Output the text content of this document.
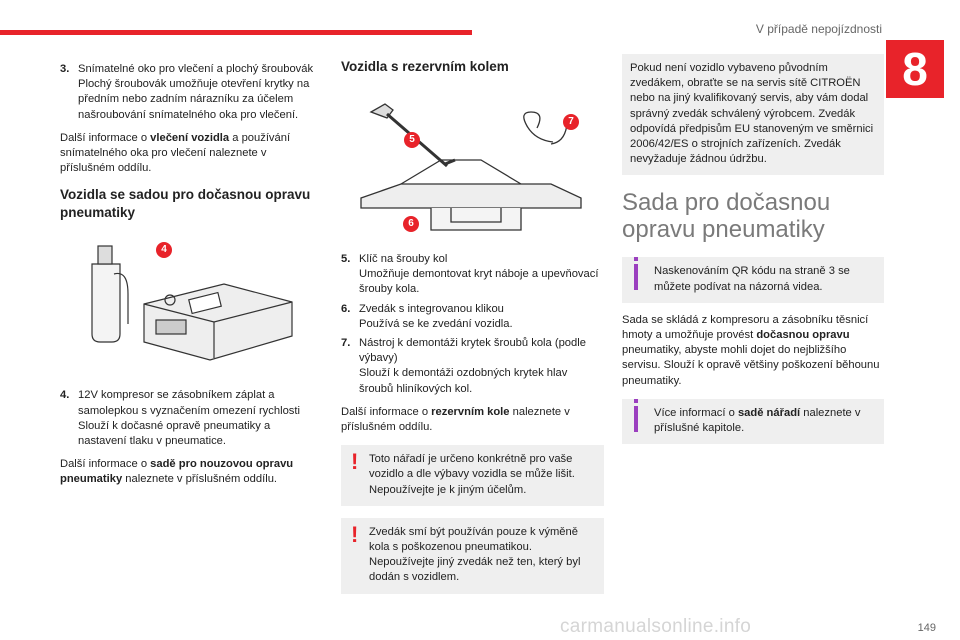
V případě nepojízdnosti
8
3. Snímatelné oko pro vlečení a plochý šroubovák
Plochý šroubovák umožňuje otevření krytky na předním nebo zadním nárazníku za účelem našroubování snímatelného oka pro vlečení.

Další informace o vlečení vozidla a používání snímatelného oka pro vlečení naleznete v příslušném oddílu.

Vozidla se sadou pro dočasnou opravu pneumatiky
4
4. 12V kompresor se zásobníkem záplat a samolepkou s vyznačením omezení rychlosti
Slouží k dočasné opravě pneumatiky a nastavení tlaku v pneumatice.

Další informace o sadě pro nouzovou opravu pneumatiky naleznete v příslušném oddílu.

Vozidla s rezervním kolem
5
6
7
5. Klíč na šrouby kol
Umožňuje demontovat kryt náboje a upevňovací šrouby kola.
6. Zvedák s integrovanou klikou
Používá se ke zvedání vozidla.
7. Nástroj k demontáži krytek šroubů kola (podle výbavy)
Slouží k demontáži ozdobných krytek hlav šroubů hliníkových kol.

Další informace o rezervním kole naleznete v příslušném oddílu.

! Toto nářadí je určeno konkrétně pro vaše vozidlo a dle výbavy vozidla se může lišit. Nepoužívejte je k jiným účelům.
! Zvedák smí být používán pouze k výměně kola s poškozenou pneumatikou. Nepoužívejte jiný zvedák než ten, který byl dodán s vozidlem.
Pokud není vozidlo vybaveno původním zvedákem, obraťte se na servis sítě CITROËN nebo na jiný kvalifikovaný servis, aby vám dodal správný zvedák schválený výrobcem. Zvedák odpovídá předpisům EU stanoveným ve směrnici 2006/42/ES o strojních zařízeních. Zvedák nevyžaduje žádnou údržbu.
Sada pro dočasnou opravu pneumatiky
Naskenováním QR kódu na straně 3 se můžete podívat na názorná videa.

Sada se skládá z kompresoru a zásobníku těsnicí hmoty a umožňuje provést dočasnou opravu pneumatiky, abyste mohli dojet do nejbližšího servisu. Slouží k opravě většiny poškození běhounu pneumatiky.

Více informací o sadě nářadí naleznete v příslušné kapitole.
carmanualsonline.info	149
